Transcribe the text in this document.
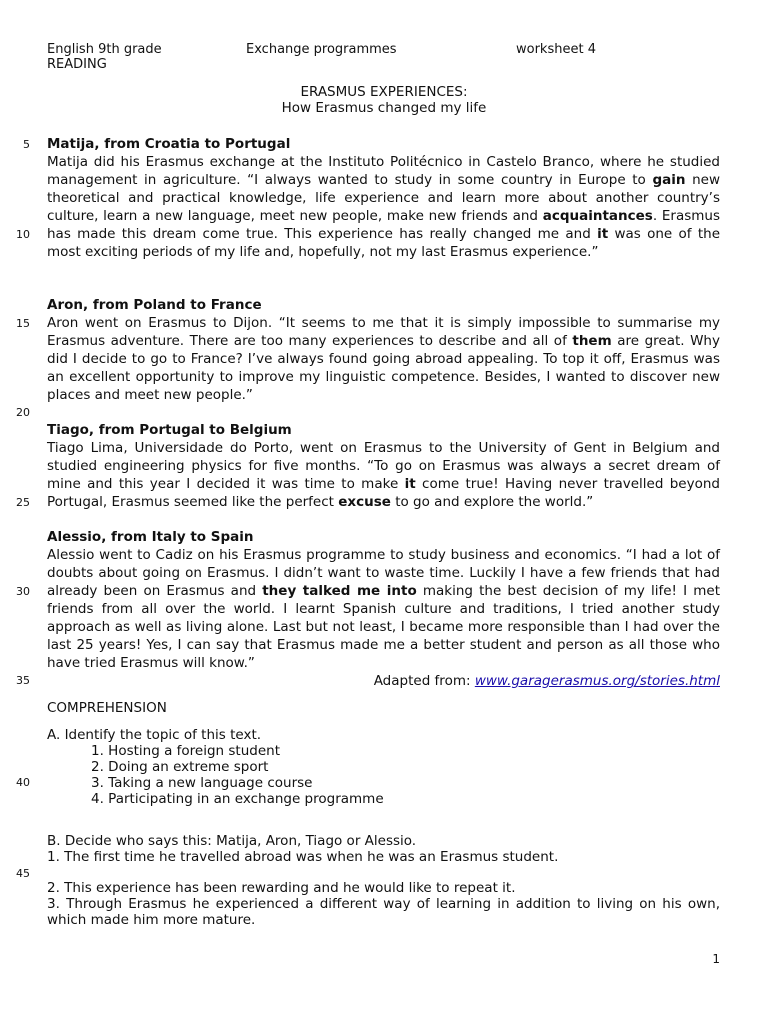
English 9th grade	Exchange programmes	worksheet 4
READING
ERASMUS EXPERIENCES:
How Erasmus changed my life
5
10
15
20
25
30
35
40
45
Matija, from Croatia to Portugal

Matija did his Erasmus exchange at the Instituto Politécnico in Castelo Branco, where he studied management in agriculture. “I always wanted to study in some country in Europe to gain new theoretical and practical knowledge, life experience and learn more about another country’s culture, learn a new language, meet new people, make new friends and acquaintances. Erasmus has made this dream come true. This experience has really changed me and it was one of the most exciting periods of my life and, hopefully, not my last Erasmus experience.”

Aron, from Poland to France

Aron went on Erasmus to Dijon. “It seems to me that it is simply impossible to summarise my Erasmus adventure. There are too many experiences to describe and all of them are great. Why did I decide to go to France? I’ve always found going abroad appealing. To top it off, Erasmus was an excellent opportunity to improve my linguistic competence. Besides, I wanted to discover new places and meet new people.”

Tiago, from Portugal to Belgium

Tiago Lima, Universidade do Porto, went on Erasmus to the University of Gent in Belgium and studied engineering physics for five months. “To go on Erasmus was always a secret dream of mine and this year I decided it was time to make it come true! Having never travelled beyond Portugal, Erasmus seemed like the perfect excuse to go and explore the world.”

Alessio, from Italy to Spain

Alessio went to Cadiz on his Erasmus programme to study business and economics. “I had a lot of doubts about going on Erasmus. I didn’t want to waste time. Luckily I have a few friends that had already been on Erasmus and they talked me into making the best decision of my life! I met friends from all over the world. I learnt Spanish culture and traditions, I tried another study approach as well as living alone. Last but not least, I became more responsible than I had over the last 25 years! Yes, I can say that Erasmus made me a better student and person as all those who have tried Erasmus will know.”

Adapted from: www.garagerasmus.org/stories.html
COMPREHENSION
A. Identify the topic of this text.
1. Hosting a foreign student
2. Doing an extreme sport
3. Taking a new language course
4. Participating in an exchange programme
B. Decide who says this: Matija, Aron, Tiago or Alessio.
1. The first time he travelled abroad was when he was an Erasmus student.
2. This experience has been rewarding and he would like to repeat it.
3. Through Erasmus he experienced a different way of learning in addition to living on his own, which made him more mature.
1
